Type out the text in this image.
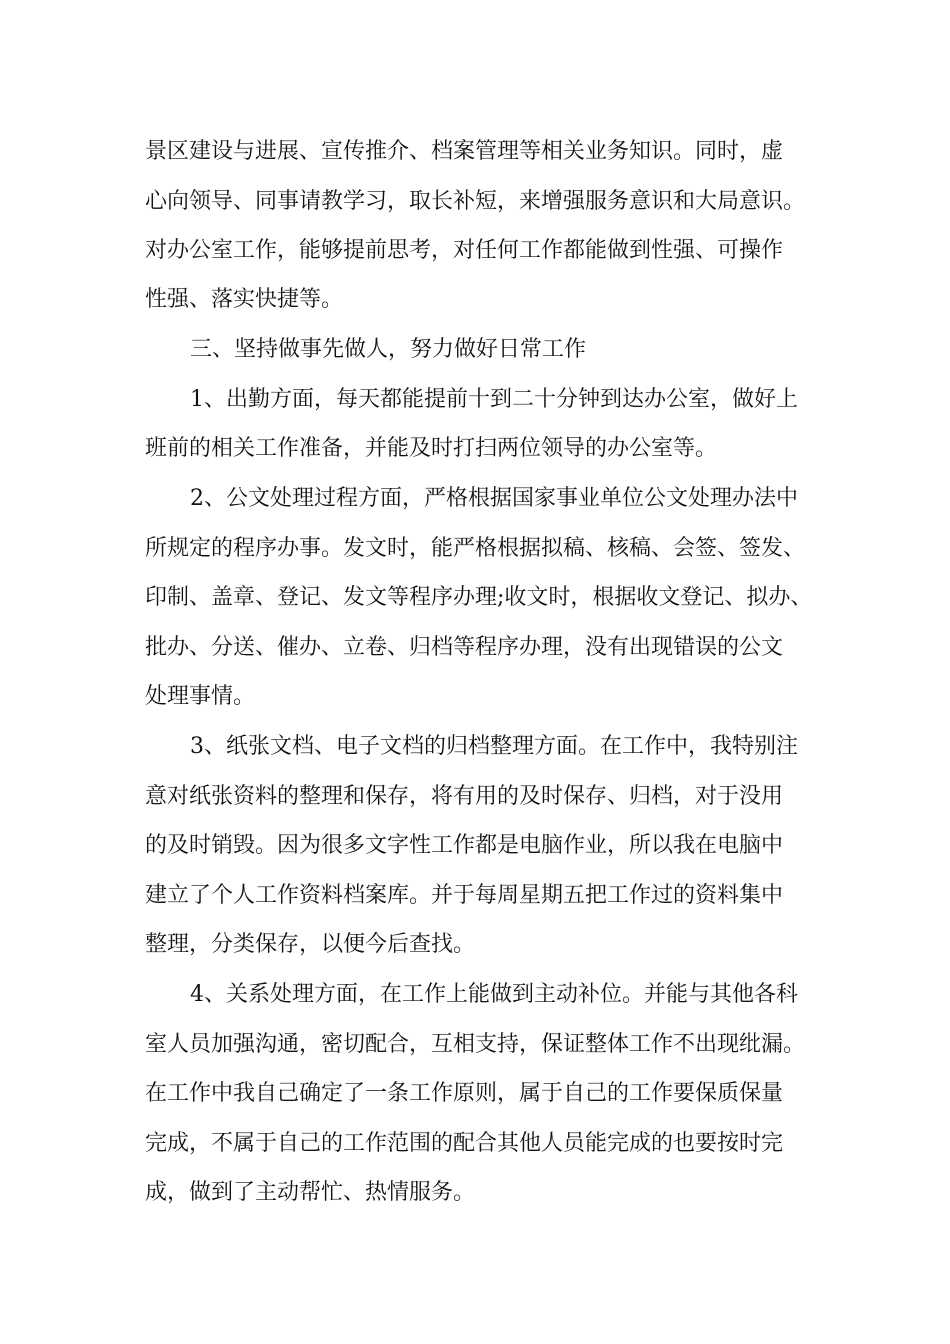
景区建设与进展、宣传推介、档案管理等相关业务知识。同时，虚
心向领导、同事请教学习，取长补短，来增强服务意识和大局意识。
对办公室工作，能够提前思考，对任何工作都能做到性强、可操作
性强、落实快捷等。
三、坚持做事先做人，努力做好日常工作
1、出勤方面，每天都能提前十到二十分钟到达办公室，做好上
班前的相关工作准备，并能及时打扫两位领导的办公室等。
2、公文处理过程方面，严格根据国家事业单位公文处理办法中
所规定的程序办事。发文时，能严格根据拟稿、核稿、会签、签发、
印制、盖章、登记、发文等程序办理;收文时，根据收文登记、拟办、
批办、分送、催办、立卷、归档等程序办理，没有出现错误的公文
处理事情。
3、纸张文档、电子文档的归档整理方面。在工作中，我特别注
意对纸张资料的整理和保存，将有用的及时保存、归档，对于没用
的及时销毁。因为很多文字性工作都是电脑作业，所以我在电脑中
建立了个人工作资料档案库。并于每周星期五把工作过的资料集中
整理，分类保存，以便今后查找。
4、关系处理方面，在工作上能做到主动补位。并能与其他各科
室人员加强沟通，密切配合，互相支持，保证整体工作不出现纰漏。
在工作中我自己确定了一条工作原则，属于自己的工作要保质保量
完成，不属于自己的工作范围的配合其他人员能完成的也要按时完
成，做到了主动帮忙、热情服务。
